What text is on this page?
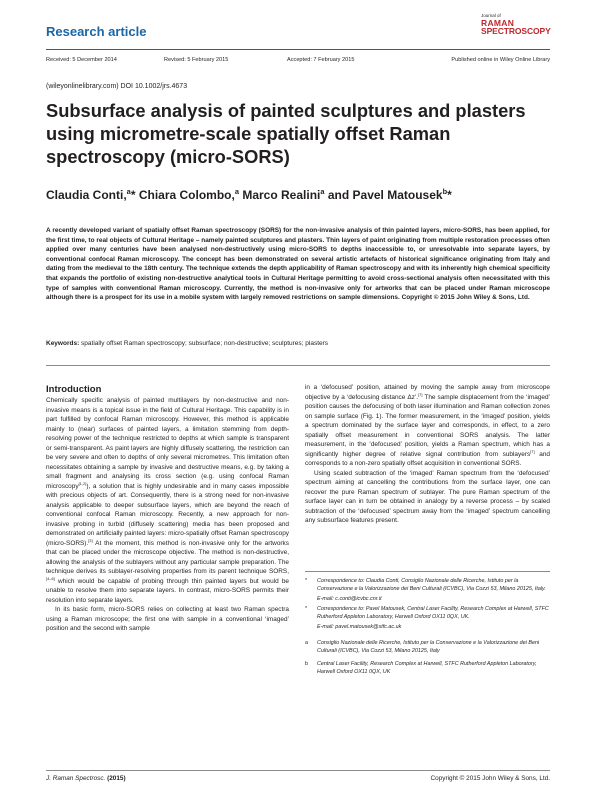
Research article
Journal of
RAMAN
SPECTROSCOPY
Received: 5 December 2014	Revised: 5 February 2015	Accepted: 7 February 2015	Published online in Wiley Online Library
(wileyonlinelibrary.com) DOI 10.1002/jrs.4673
Subsurface analysis of painted sculptures and plasters using micrometre-scale spatially offset Raman spectroscopy (micro-SORS)
Claudia Conti,$^a$* Chiara Colombo,$^a$ Marco Realini$^a$ and Pavel Matousek$^b$*

A recently developed variant of spatially offset Raman spectroscopy (SORS) for the non-invasive analysis of thin painted layers, micro-SORS, has been applied, for the first time, to real objects of Cultural Heritage – namely painted sculptures and plasters. Thin layers of paint originating from multiple restoration processes often applied over many centuries have been analysed non-destructively using micro-SORS to depths inaccessible to, or unresolvable into separate layers, by conventional confocal Raman microscopy. The concept has been demonstrated on several artistic artefacts of historical significance originating from Italy and dating from the medieval to the 18th century. The technique extends the depth applicability of Raman spectroscopy and with its inherently high chemical specificity that expands the portfolio of existing non-destructive analytical tools in Cultural Heritage permitting to avoid cross-sectional analysis often necessitated with this type of samples with conventional Raman microscopy. Currently, the method is non-invasive only for artworks that can be placed under Raman microscope although there is a prospect for its use in a mobile system with largely removed restrictions on sample dimensions. Copyright © 2015 John Wiley & Sons, Ltd.

Keywords: spatially offset Raman spectroscopy; subsurface; non-destructive; sculptures; plasters
Introduction

Chemically specific analysis of painted multilayers by non-destructive and non-invasive means is a topical issue in the field of Cultural Heritage. This capability is in part fulfilled by confocal Raman microscopy. However, this method is applicable mainly to (near) surfaces of painted layers, a limitation stemming from depth-resolving power of the technique restricted to depths at which sample is transparent or semi-transparent. As paint layers are highly diffusely scattering, the restriction can be very severe and often to depths of only several micrometres. This limitation often necessitates obtaining a sample by invasive and destructive means, e.g. by taking a small fragment and analysing its cross section (e.g. using confocal Raman microscopy[1,2]), a solution that is highly undesirable and in many cases impossible with precious objects of art. Consequently, there is a strong need for non-invasive analysis applicable to deeper subsurface layers, which are beyond the reach of conventional confocal Raman microscopy. Recently, a new approach for non-invasive probing in turbid (diffusely scattering) media has been proposed and demonstrated on artificially painted layers: micro-spatially offset Raman spectroscopy (micro-SORS).[3] At the moment, this method is non-invasive only for the artworks that can be placed under the microscope objective. The method is non-destructive, allowing the analysis of the sublayers without any particular sample preparation. The technique derives its sublayer-resolving properties from its parent technique SORS,[4–6] which would be capable of probing through thin painted layers but would be unable to resolve them into separate layers. In contrast, micro-SORS permits their resolution into separate layers.

In its basic form, micro-SORS relies on collecting at least two Raman spectra using a Raman microscope; the first one with sample in a conventional ‘imaged’ position and the second with sample

in a ‘defocused’ position, attained by moving the sample away from microscope objective by a ‘defocusing distance Δz’.[7] The sample displacement from the ‘imaged’ position causes the defocusing of both laser illumination and Raman collection zones on sample surface (Fig. 1). The former measurement, in the ‘imaged’ position, yields a spectrum dominated by the surface layer and corresponds, in effect, to a zero spatially offset measurement in conventional SORS analysis. The latter measurement, in the ‘defocused’ position, yields a Raman spectrum, which has a significantly higher degree of relative signal contribution from sublayers[7] and corresponds to a non-zero spatially offset acquisition in conventional SORS.

Using scaled subtraction of the ‘imaged’ Raman spectrum from the ‘defocused’ spectrum aiming at cancelling the contributions from the surface layer, one can recover the pure Raman spectrum of sublayer. The pure Raman spectrum of the surface layer can in turn be obtained in analogy by a reverse process – by scaled subtraction of the ‘defocused’ spectrum away from the ‘imaged’ spectrum cancelling any subsurface features present.

*	Correspondence to: Claudia Conti, Consiglio Nazionale delle Ricerche, Istituto per la Conservazione e la Valorizzazione dei Beni Culturali (ICVBC), Via Cozzi 53, Milano 20125, Italy.
E-mail: c.conti@icvbc.cnr.it
*	Correspondence to: Pavel Matousek, Central Laser Facility, Research Complex at Harwell, STFC Rutherford Appleton Laboratory, Harwell Oxford OX11 0QX, UK.
E-mail: pavel.matousek@stfc.ac.uk
a	Consiglio Nazionale delle Ricerche, Istituto per la Conservazione e la Valorizzazione dei Beni Culturali (ICVBC), Via Cozzi 53, Milano 20125, Italy
b	Central Laser Facility, Research Complex at Harwell, STFC Rutherford Appleton Laboratory, Harwell Oxford OX11 0QX, UK
J. Raman Spectrosc. (2015)	Copyright © 2015 John Wiley & Sons, Ltd.
